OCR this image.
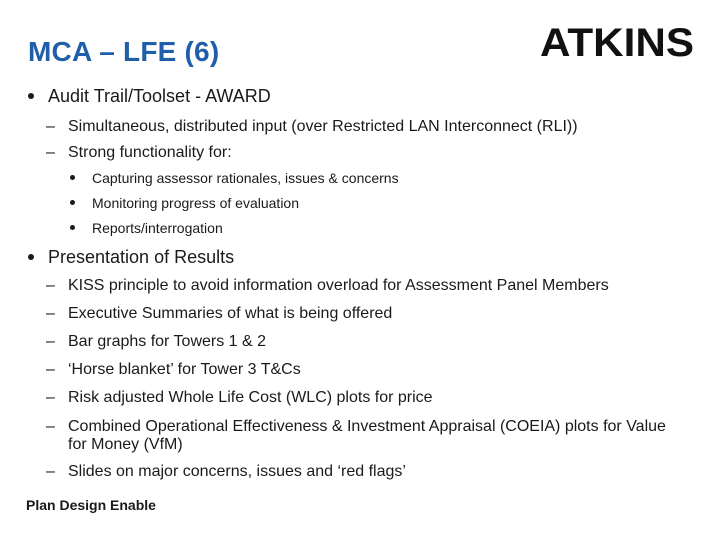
MCA – LFE (6)	ATKINS
Audit Trail/Toolset - AWARD
– Simultaneous, distributed input (over Restricted LAN Interconnect (RLI))
– Strong functionality for:
Capturing assessor rationales, issues & concerns
Monitoring progress of evaluation
Reports/interrogation
Presentation of Results
– KISS principle to avoid information overload for Assessment Panel Members
– Executive Summaries of what is being offered
– Bar graphs for Towers 1 & 2
– ‘Horse blanket’ for Tower 3 T&Cs
– Risk adjusted Whole Life Cost (WLC) plots for price
– Combined Operational Effectiveness & Investment Appraisal (COEIA) plots for Value for Money (VfM)
– Slides on major concerns, issues and ‘red flags’
Plan Design Enable
